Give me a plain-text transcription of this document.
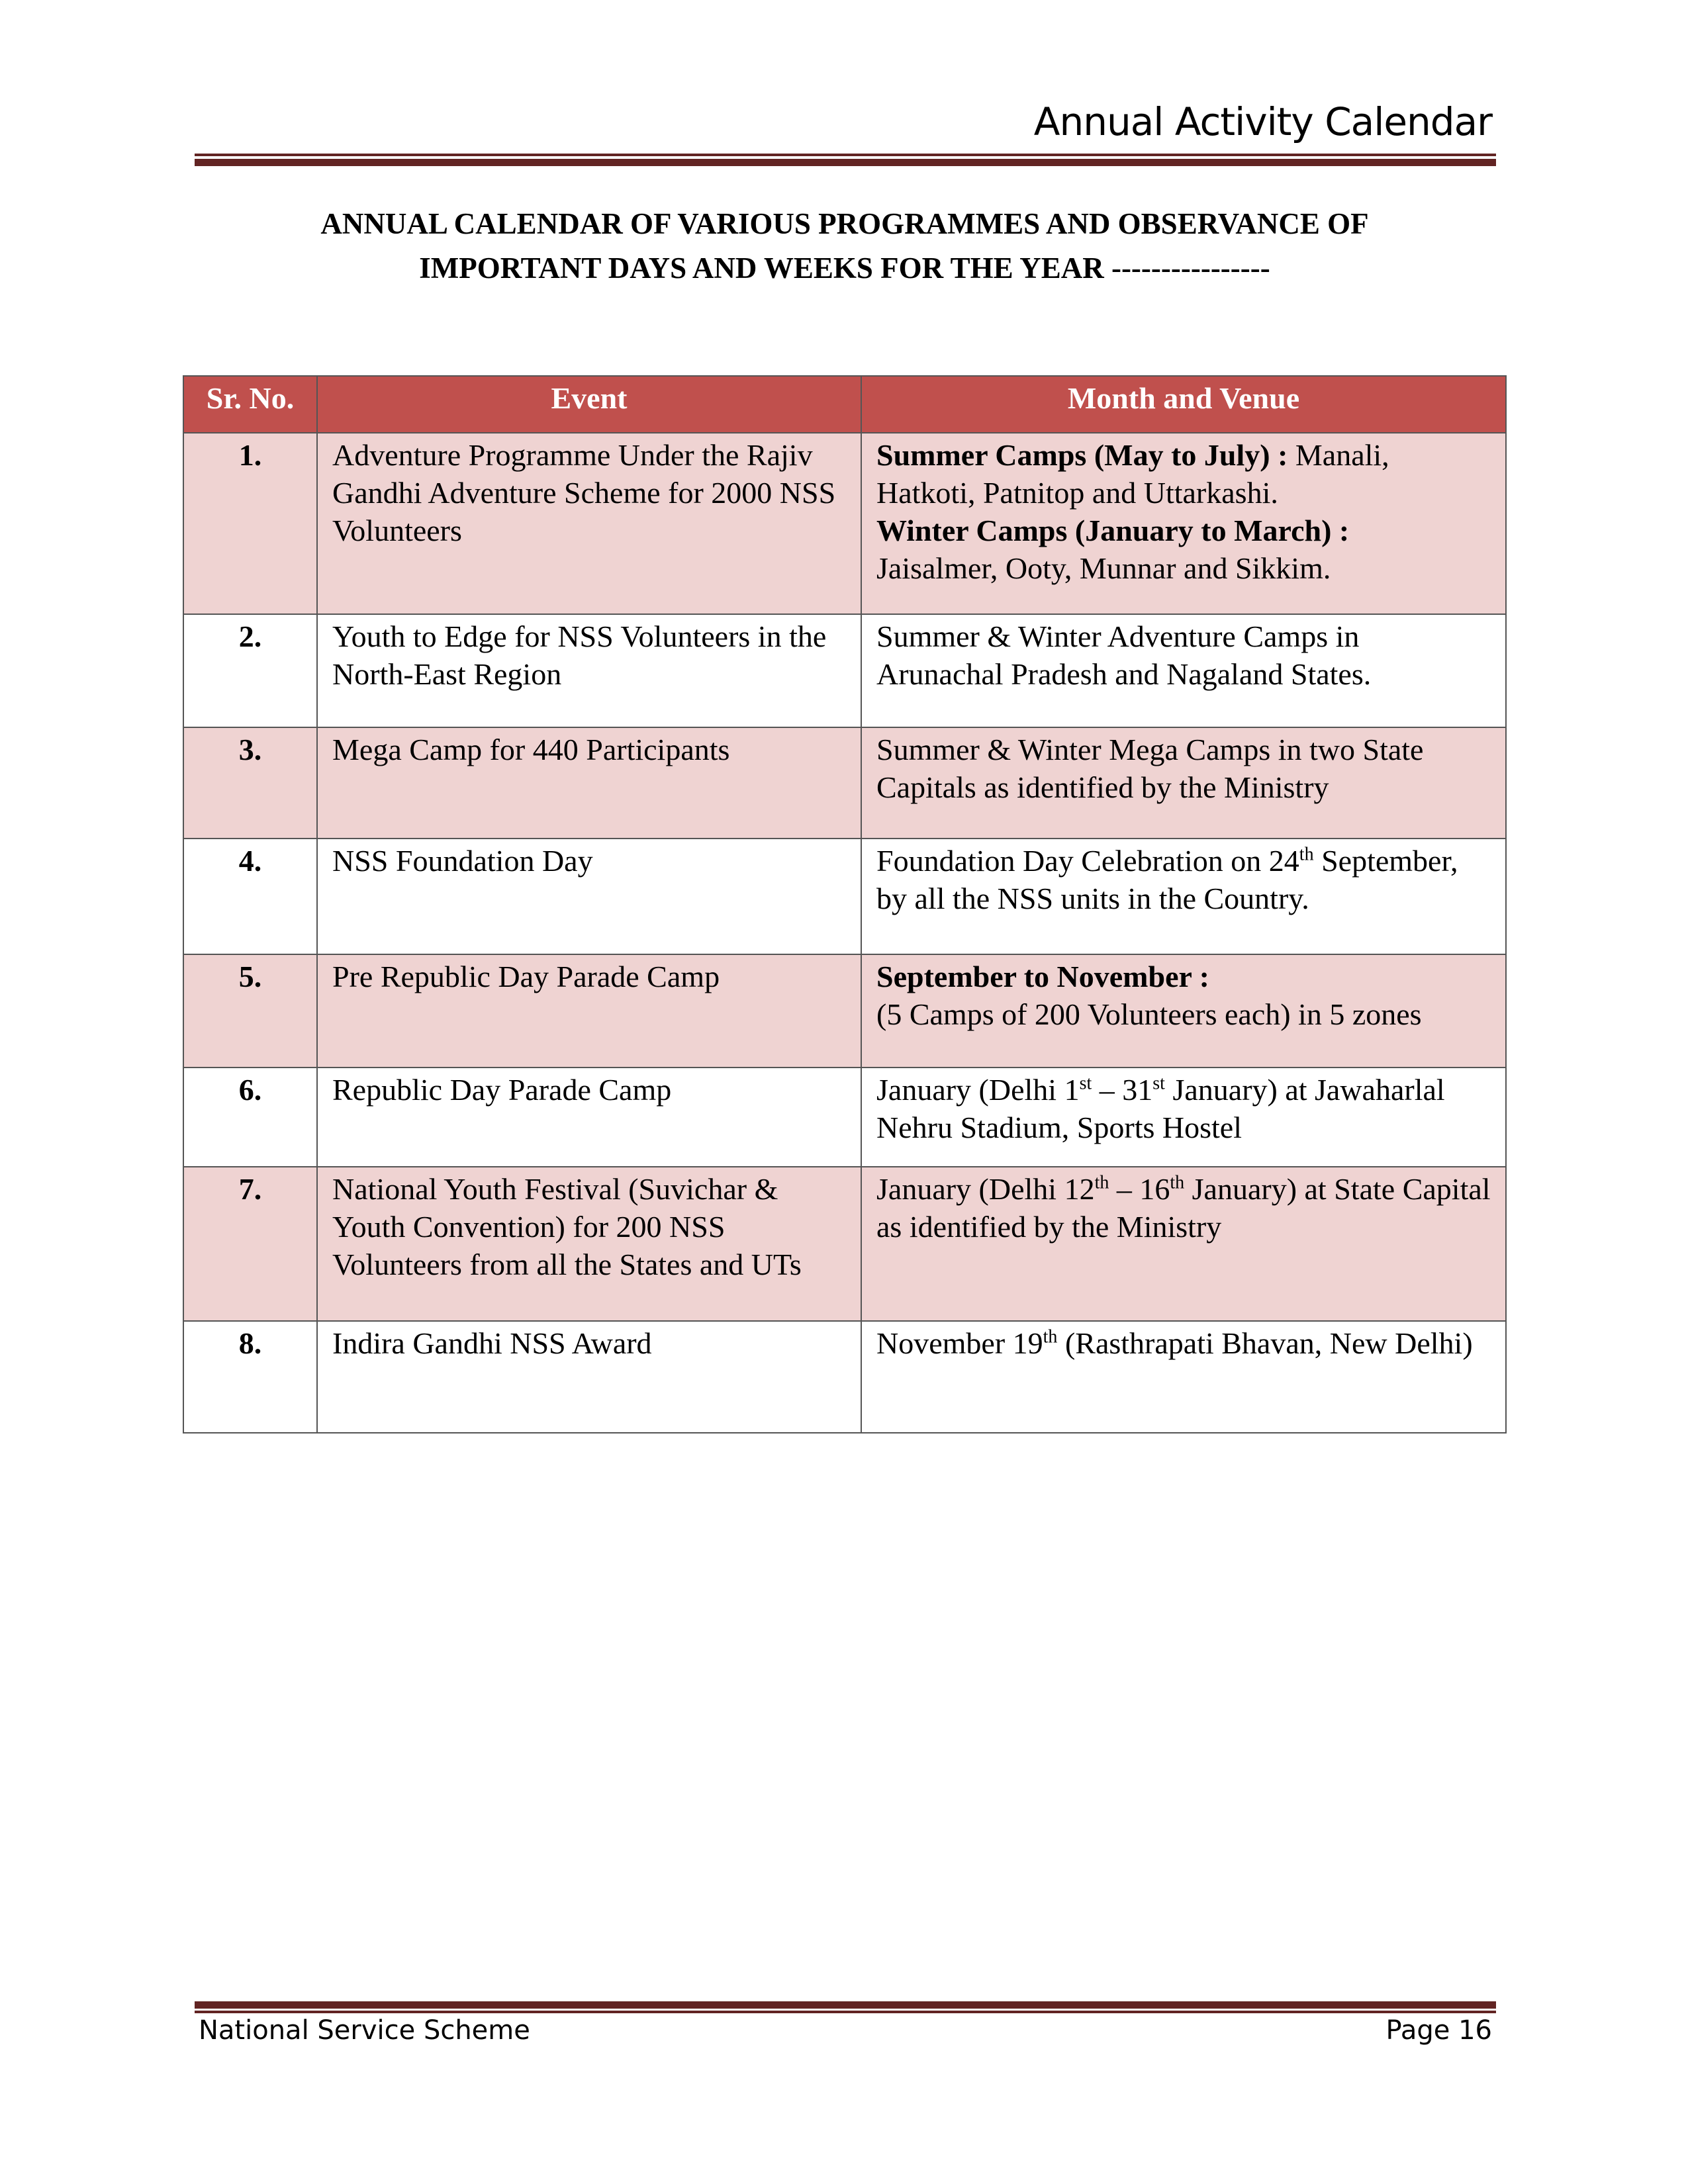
Annual Activity Calendar
ANNUAL CALENDAR OF VARIOUS PROGRAMMES AND OBSERVANCE OF
IMPORTANT DAYS AND WEEKS FOR THE YEAR ----------------
Sr. No.	Event	Month and Venue
1.	Adventure Programme Under the Rajiv Gandhi Adventure Scheme for 2000 NSS Volunteers	Summer Camps (May to July) : Manali, Hatkoti, Patnitop and Uttarkashi.
Winter Camps (January to March) :
Jaisalmer, Ooty, Munnar and Sikkim.
2.	Youth to Edge for NSS Volunteers in the North-East Region	Summer & Winter Adventure Camps in Arunachal Pradesh and Nagaland States.
3.	Mega Camp for 440 Participants	Summer & Winter Mega Camps in two State Capitals as identified by the Ministry
4.	NSS Foundation Day	Foundation Day Celebration on 24th September, by all the NSS units in the Country.
5.	Pre Republic Day Parade Camp	September to November :
(5 Camps of 200 Volunteers each) in 5 zones
6.	Republic Day Parade Camp	January (Delhi 1st – 31st January) at Jawaharlal Nehru Stadium, Sports Hostel
7.	National Youth Festival (Suvichar & Youth Convention) for 200 NSS Volunteers from all the States and UTs	January (Delhi 12th – 16th January) at State Capital as identified by the Ministry
8.	Indira Gandhi NSS Award	November 19th (Rasthrapati Bhavan, New Delhi)
National Service Scheme	Page 16
